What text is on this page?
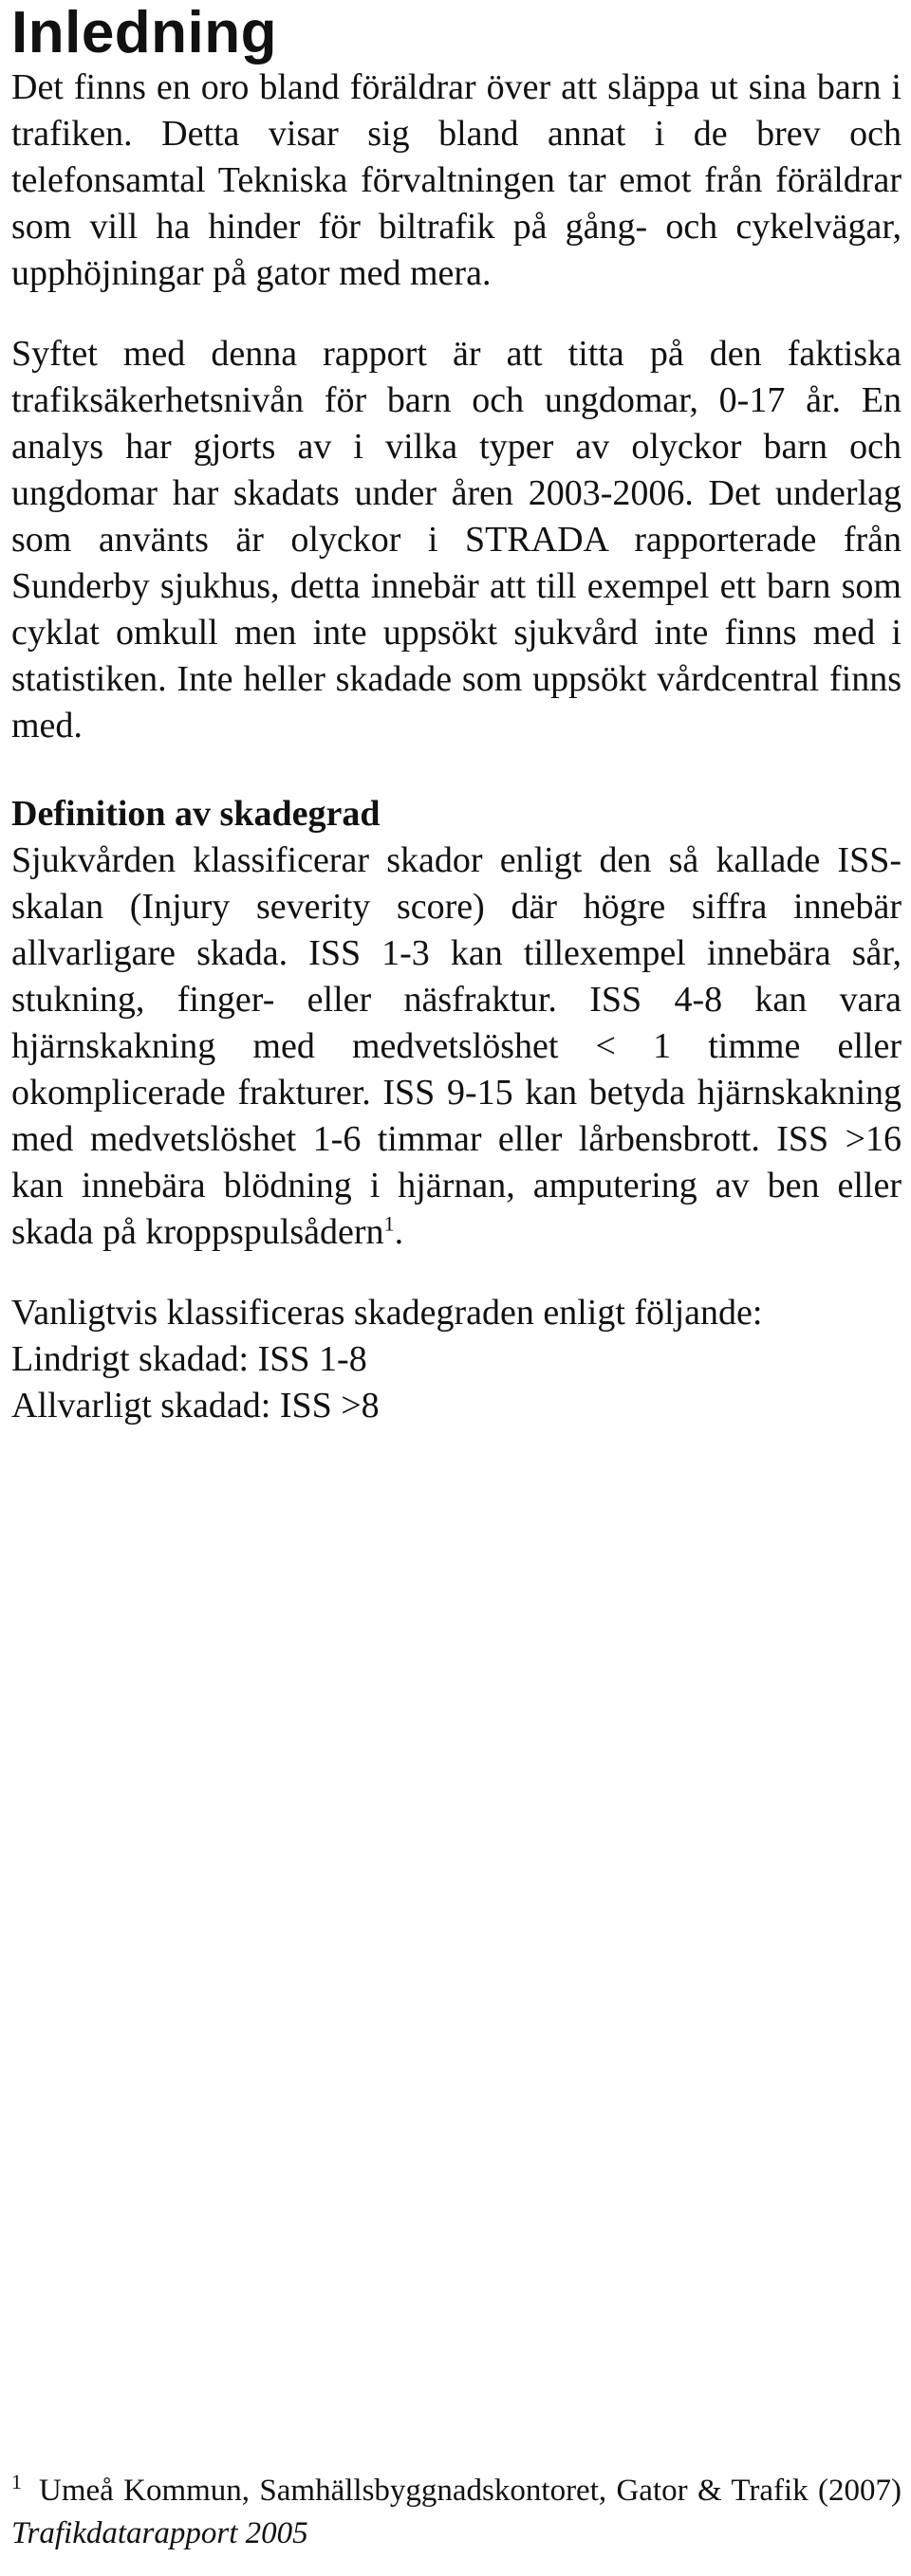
Inledning

Det finns en oro bland föräldrar över att släppa ut sina barn i trafiken. Detta visar sig bland annat i de brev och telefonsamtal Tekniska förvaltningen tar emot från föräldrar som vill ha hinder för biltrafik på gång- och cykelvägar, upphöjningar på gator med mera.

Syftet med denna rapport är att titta på den faktiska trafiksäkerhetsnivån för barn och ungdomar, 0-17 år. En analys har gjorts av i vilka typer av olyckor barn och ungdomar har skadats under åren 2003-2006. Det underlag som använts är olyckor i STRADA rapporterade från Sunderby sjukhus, detta innebär att till exempel ett barn som cyklat omkull men inte uppsökt sjukvård inte finns med i statistiken. Inte heller skadade som uppsökt vårdcentral finns med.

Definition av skadegrad

Sjukvården klassificerar skador enligt den så kallade ISS-skalan (Injury severity score) där högre siffra innebär allvarligare skada. ISS 1-3 kan tillexempel innebära sår, stukning, finger- eller näsfraktur. ISS 4-8 kan vara hjärnskakning med medvetslöshet < 1 timme eller okomplicerade frakturer. ISS 9-15 kan betyda hjärnskakning med medvetslöshet 1-6 timmar eller lårbensbrott. ISS >16 kan innebära blödning i hjärnan, amputering av ben eller skada på kroppspulsådern$^1$.

Vanligtvis klassificeras skadegraden enligt följande:
Lindrigt skadad: ISS 1-8
Allvarligt skadad: ISS >8

$^1$ Umeå Kommun, Samhällsbyggnadskontoret, Gator & Trafik (2007) Trafikdatarapport 2005
